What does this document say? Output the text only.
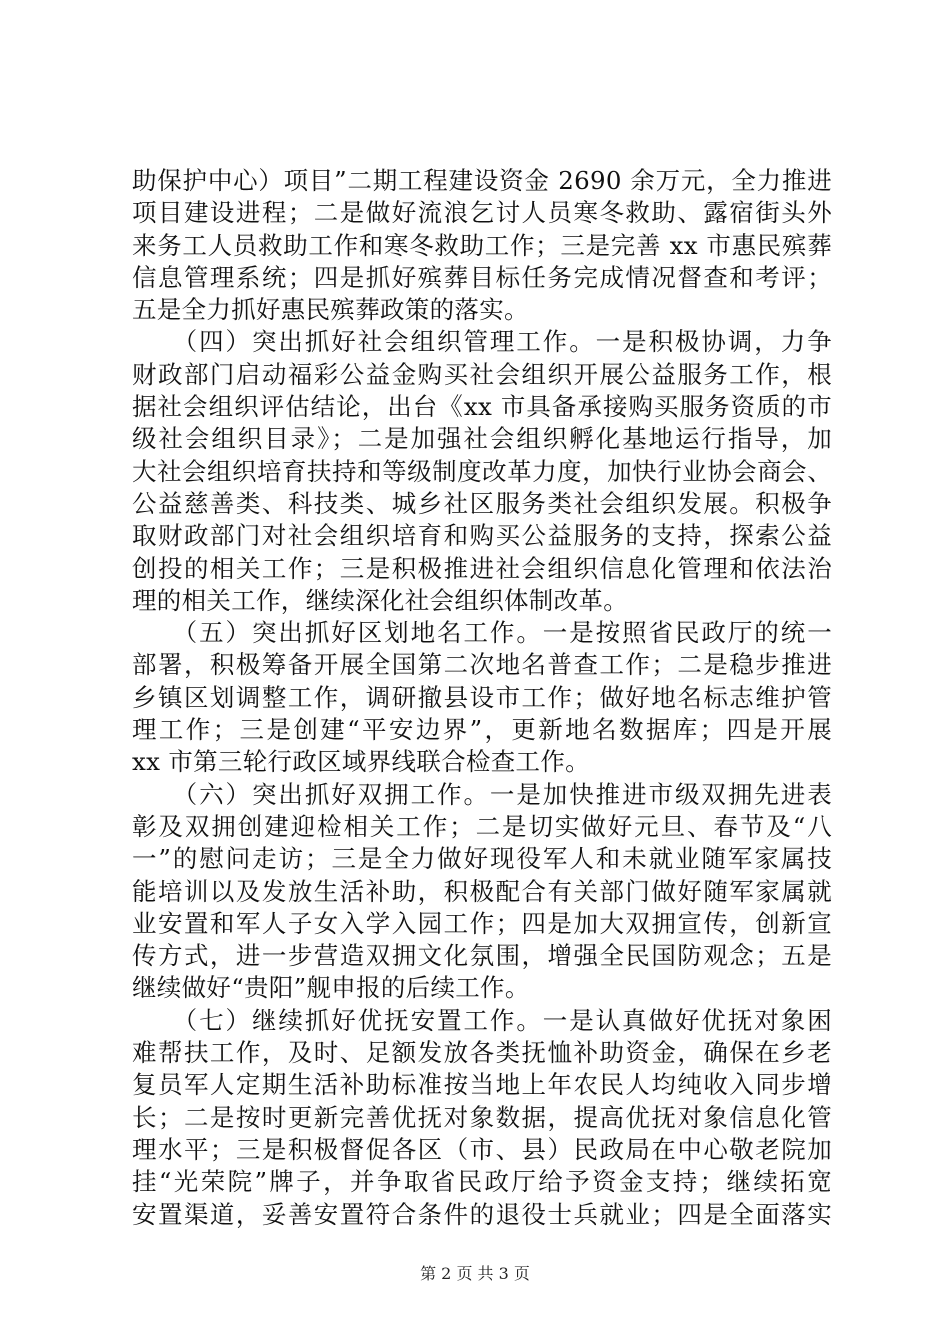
助保护中心）项目”二期工程建设资金 2690 余万元，全力推进
项目建设进程；二是做好流浪乞讨人员寒冬救助、露宿街头外
来务工人员救助工作和寒冬救助工作；三是完善 xx 市惠民殡葬
信息管理系统；四是抓好殡葬目标任务完成情况督查和考评；
五是全力抓好惠民殡葬政策的落实。
　　（四）突出抓好社会组织管理工作。一是积极协调，力争
财政部门启动福彩公益金购买社会组织开展公益服务工作，根
据社会组织评估结论，出台《xx 市具备承接购买服务资质的市
级社会组织目录》；二是加强社会组织孵化基地运行指导，加
大社会组织培育扶持和等级制度改革力度，加快行业协会商会、
公益慈善类、科技类、城乡社区服务类社会组织发展。积极争
取财政部门对社会组织培育和购买公益服务的支持，探索公益
创投的相关工作；三是积极推进社会组织信息化管理和依法治
理的相关工作，继续深化社会组织体制改革。
　　（五）突出抓好区划地名工作。一是按照省民政厅的统一
部署，积极筹备开展全国第二次地名普查工作；二是稳步推进
乡镇区划调整工作，调研撤县设市工作；做好地名标志维护管
理工作；三是创建“平安边界”，更新地名数据库；四是开展
xx 市第三轮行政区域界线联合检查工作。
　　（六）突出抓好双拥工作。一是加快推进市级双拥先进表
彰及双拥创建迎检相关工作；二是切实做好元旦、春节及“八
一”的慰问走访；三是全力做好现役军人和未就业随军家属技
能培训以及发放生活补助，积极配合有关部门做好随军家属就
业安置和军人子女入学入园工作；四是加大双拥宣传，创新宣
传方式，进一步营造双拥文化氛围，增强全民国防观念；五是
继续做好“贵阳”舰申报的后续工作。
　　（七）继续抓好优抚安置工作。一是认真做好优抚对象困
难帮扶工作，及时、足额发放各类抚恤补助资金，确保在乡老
复员军人定期生活补助标准按当地上年农民人均纯收入同步增
长；二是按时更新完善优抚对象数据，提高优抚对象信息化管
理水平；三是积极督促各区（市、县）民政局在中心敬老院加
挂“光荣院”牌子，并争取省民政厅给予资金支持；继续拓宽
安置渠道，妥善安置符合条件的退役士兵就业；四是全面落实
第 2 页 共 3 页
